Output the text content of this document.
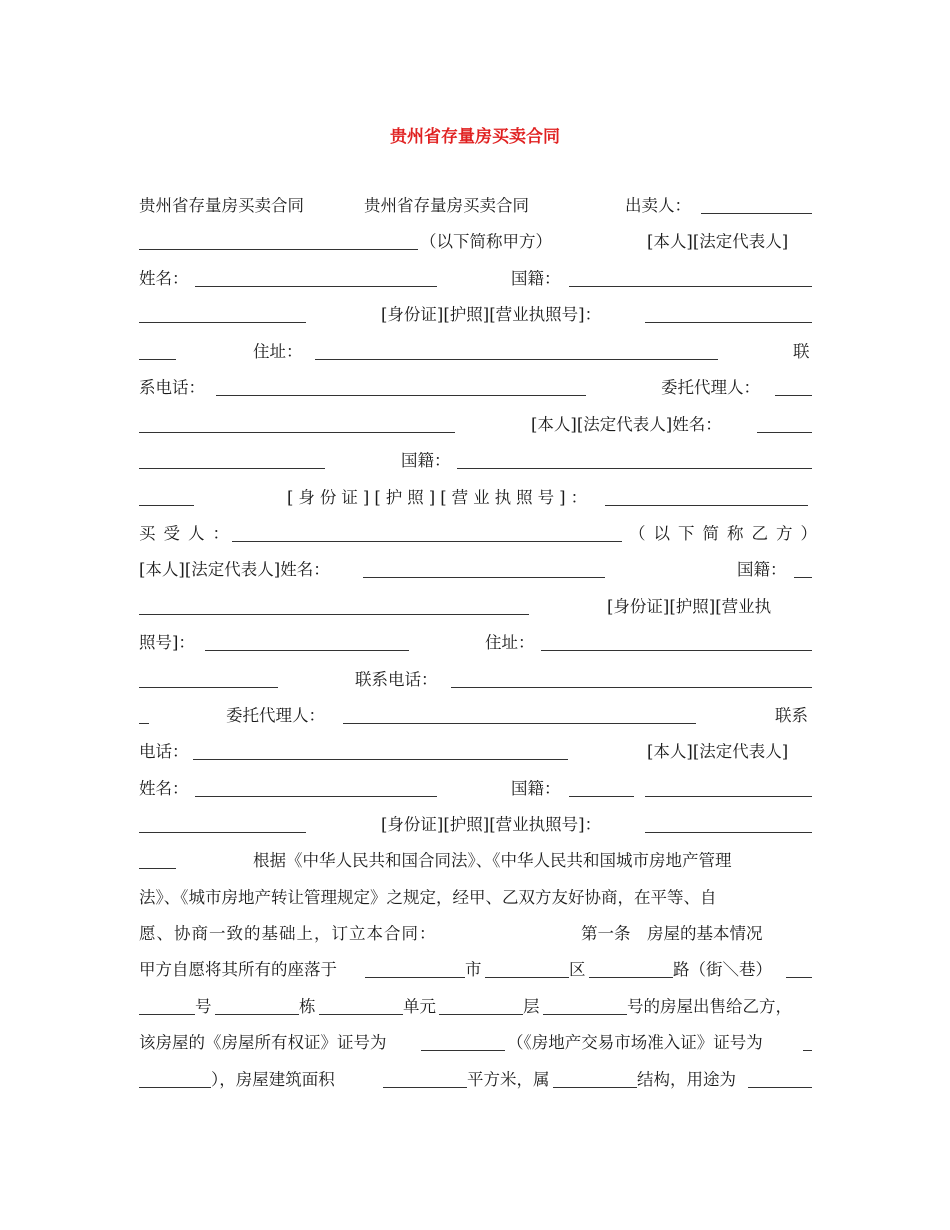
贵州省存量房买卖合同
贵州省存量房买卖合同	贵州省存量房买卖合同	出卖人：
（以下简称甲方）	[本人][法定代表人]
姓名：	国籍：
[身份证][护照][营业执照号]：
住址：	联
系电话：	委托代理人：
[本人][法定代表人]姓名：
国籍：
[身份证][护照][营业执照号]：
买受人：	（以下简称乙方）
[本人][法定代表人]姓名：	国籍：
[身份证][护照][营业执
照号]：	住址：
联系电话：
委托代理人：	联系
电话：	[本人][法定代表人]
姓名：	国籍：
[身份证][护照][营业执照号]：
根据《中华人民共和国合同法》、《中华人民共和国城市房地产管理
法》、《城市房地产转让管理规定》之规定，经甲、乙双方友好协商，在平等、自
愿、协商一致的基础上，订立本合同：	第一条　房屋的基本情况
甲方自愿将其所有的座落于	市	区	路（街＼巷）
号	栋	单元	层	号的房屋出售给乙方，
该房屋的《房屋所有权证》证号为	（《房地产交易市场准入证》证号为
），房屋建筑面积	平方米，属	结构，用途为
